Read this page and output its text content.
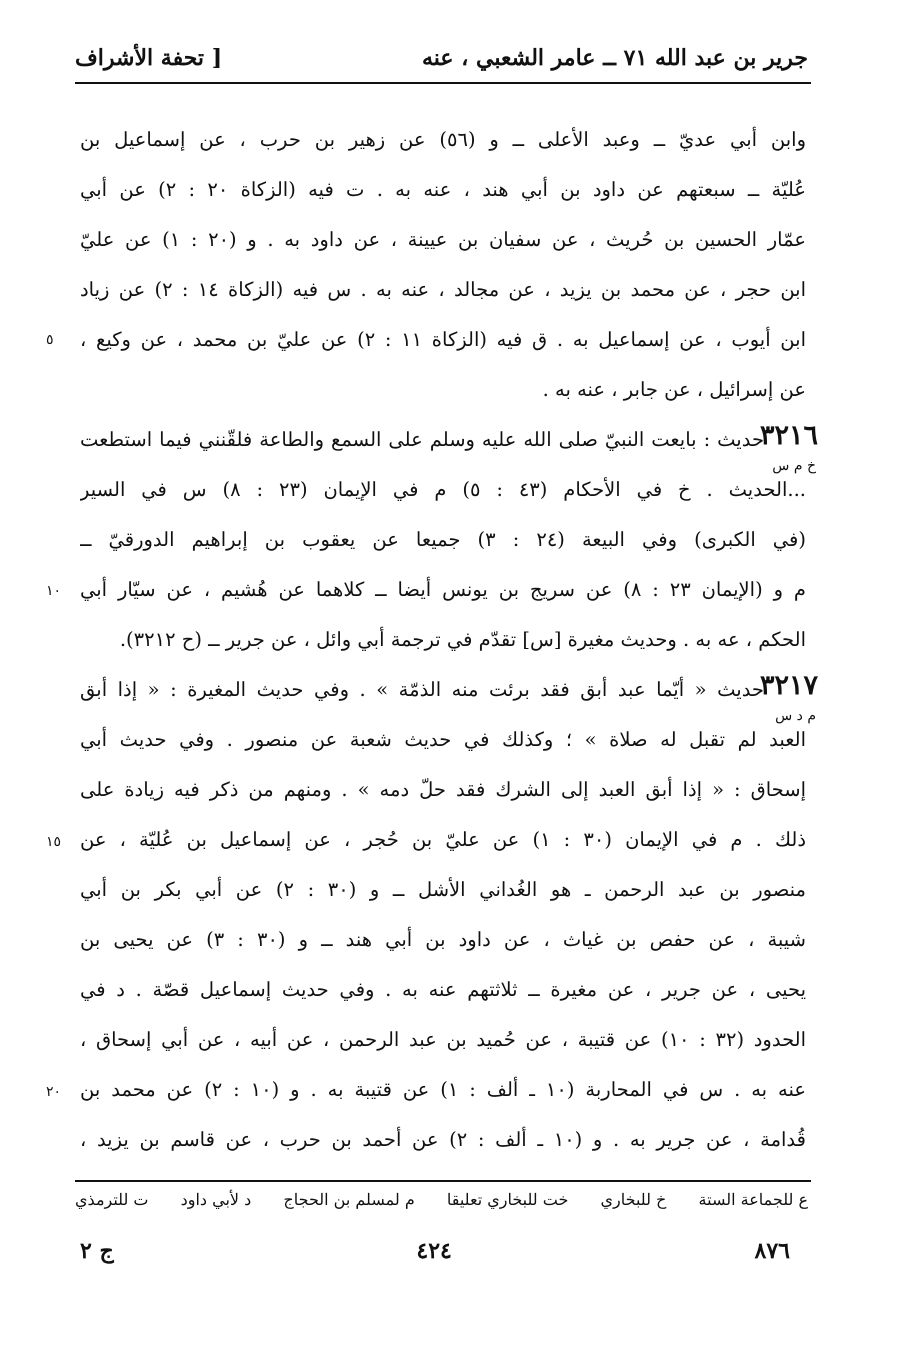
جرير بن عبد الله ٧١ ــ عامر الشعبي ، عنه
[ تحفة الأشراف
وابن أبي عديّ ــ وعبد الأعلى ــ و (٥٦) عن زهير بن حرب ، عن إسماعيل بن
عُليّة ــ سبعتهم عن داود بن أبي هند ، عنه به . ت فيه (الزكاة ٢٠ : ٢) عن أبي
عمّار الحسين بن حُريث ، عن سفيان بن عيينة ، عن داود به . و (٢٠ : ١) عن عليّ
ابن حجر ، عن محمد بن يزيد ، عن مجالد ، عنه به . س فيه (الزكاة ١٤ : ٢) عن زياد
ابن أيوب ، عن إسماعيل به . ق فيه (الزكاة ١١ : ٢) عن عليّ بن محمد ، عن وكيع ،
عن إسرائيل ، عن جابر ، عنه به .
حديث : بايعت النبيّ صلى الله عليه وسلم على السمع والطاعة فلقّنني فيما استطعت
...الحديث . خ في الأحكام (٤٣ : ٥) م في الإيمان (٢٣ : ٨) س في السير
(في الكبرى) وفي البيعة (٢٤ : ٣) جميعا عن يعقوب بن إبراهيم الدورقيّ ــ
م و (الإيمان ٢٣ : ٨) عن سريج بن يونس أيضا ــ كلاهما عن هُشيم ، عن سيّار أبي
الحكم ، عه به . وحديث مغيرة [س] تقدّم في ترجمة أبي وائل ، عن جرير ــ (ح ٣٢١٢).
حديث « أيّما عبد أبق فقد برئت منه الذمّة » . وفي حديث المغيرة : « إذا أبق
العبد لم تقبل له صلاة » ؛ وكذلك في حديث شعبة عن منصور . وفي حديث أبي
إسحاق : « إذا أبق العبد إلى الشرك فقد حلّ دمه » . ومنهم من ذكر فيه زيادة على
ذلك . م في الإيمان (٣٠ : ١) عن عليّ بن حُجر ، عن إسماعيل بن عُليّة ، عن
منصور بن عبد الرحمن ـ هو الغُداني الأشل ــ و (٣٠ : ٢) عن أبي بكر بن أبي
شيبة ، عن حفص بن غياث ، عن داود بن أبي هند ــ و (٣٠ : ٣) عن يحيى بن
يحيى ، عن جرير ، عن مغيرة ــ ثلاثتهم عنه به . وفي حديث إسماعيل قصّة . د في
الحدود (٣٢ : ١٠) عن قتيبة ، عن حُميد بن عبد الرحمن ، عن أبيه ، عن أبي إسحاق ،
عنه به . س في المحاربة (١٠ ـ ألف : ١) عن قتيبة به . و (١٠ : ٢) عن محمد بن
قُدامة ، عن جرير به . و (١٠ ـ ألف : ٢) عن أحمد بن حرب ، عن قاسم بن يزيد ،
٣٢١٦
خ م س
٣٢١٧
م د س
٥
١٠
١٥
٢٠
ع للجماعة الستة
خ للبخاري
خت للبخاري تعليقا
م لمسلم بن الحجاج
د لأبي داود
ت للترمذي
٨٧٦
٤٢٤
ج ٢
